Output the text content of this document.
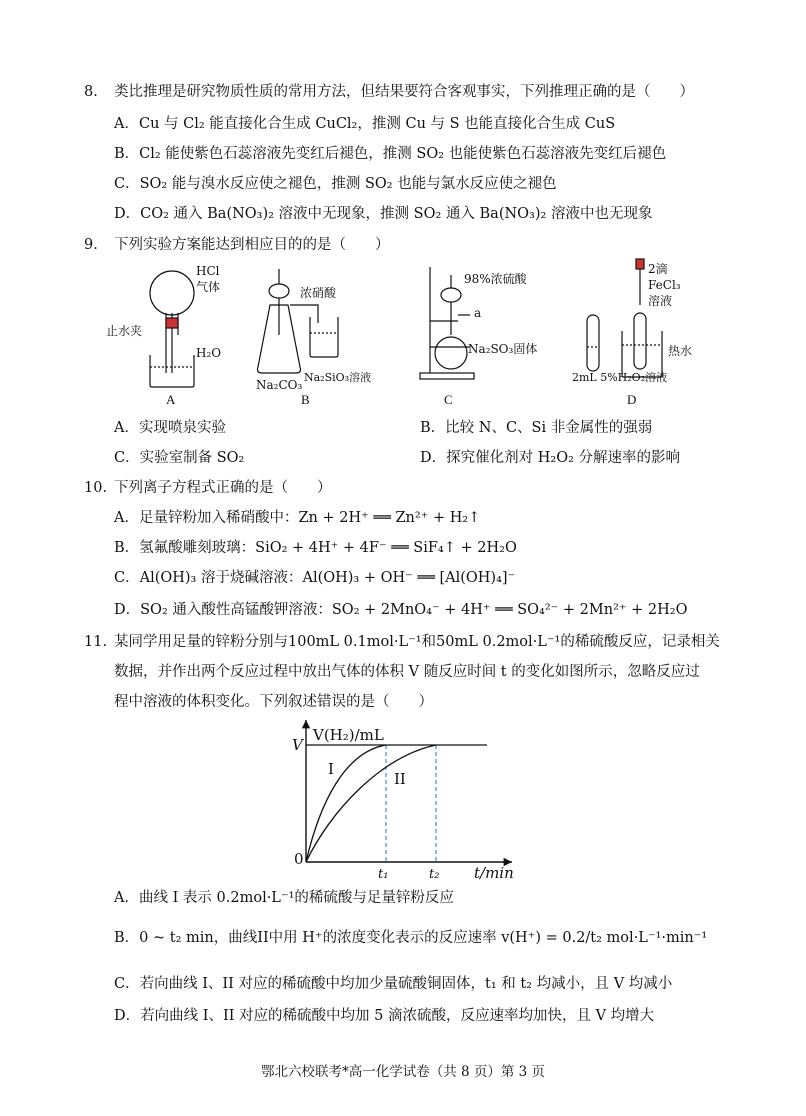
8. 类比推理是研究物质性质的常用方法，但结果要符合客观事实，下列推理正确的是（　　）
A．Cu 与 Cl₂ 能直接化合生成 CuCl₂，推测 Cu 与 S 也能直接化合生成 CuS
B．Cl₂ 能使紫色石蕊溶液先变红后褪色，推测 SO₂ 也能使紫色石蕊溶液先变红后褪色
C．SO₂ 能与溴水反应使之褪色，推测 SO₂ 也能与氯水反应使之褪色
D．CO₂ 通入 Ba(NO₃)₂ 溶液中无现象，推测 SO₂ 通入 Ba(NO₃)₂ 溶液中也无现象
9. 下列实验方案能达到相应目的的是（　　）
HCl
气体
止水夹
H₂O
浓硝酸
Na₂CO₃
Na₂SiO₃溶液
98%浓硫酸
a
Na₂SO₃固体
2滴
FeCl₃
溶液
热水
2mL 5%H₂O₂溶液
A	B	C	D
A．实现喷泉实验	B．比较 N、C、Si 非金属性的强弱
C．实验室制备 SO₂	D．探究催化剂对 H₂O₂ 分解速率的影响
10. 下列离子方程式正确的是（　　）
A．足量锌粉加入稀硝酸中：Zn + 2H⁺ ══ Zn²⁺ + H₂↑
B．氢氟酸雕刻玻璃：SiO₂ + 4H⁺ + 4F⁻ ══ SiF₄↑ + 2H₂O
C．Al(OH)₃ 溶于烧碱溶液：Al(OH)₃ + OH⁻ ══ [Al(OH)₄]⁻
D．SO₂ 通入酸性高锰酸钾溶液：SO₂ + 2MnO₄⁻ + 4H⁺ ══ SO₄²⁻ + 2Mn²⁺ + 2H₂O
11. 某同学用足量的锌粉分别与100mL 0.1mol·L⁻¹和50mL 0.2mol·L⁻¹的稀硫酸反应，记录相关
数据，并作出两个反应过程中放出气体的体积 V 随反应时间 t 的变化如图所示，忽略反应过
程中溶液的体积变化。下列叙述错误的是（　　）
V(H₂)/mL
V
0
t₁	t₂ t/min
I
II
A．曲线 I 表示 0.2mol·L⁻¹的稀硫酸与足量锌粉反应
B．0 ~ t₂ min，曲线II中用 H⁺的浓度变化表示的反应速率 v(H⁺) = 0.2/t₂ mol·L⁻¹·min⁻¹
C．若向曲线 I、II 对应的稀硫酸中均加少量硫酸铜固体，t₁ 和 t₂ 均减小，且 V 均减小
D．若向曲线 I、II 对应的稀硫酸中均加 5 滴浓硫酸，反应速率均加快，且 V 均增大
鄂北六校联考*高一化学试卷（共 8 页）第 3 页
